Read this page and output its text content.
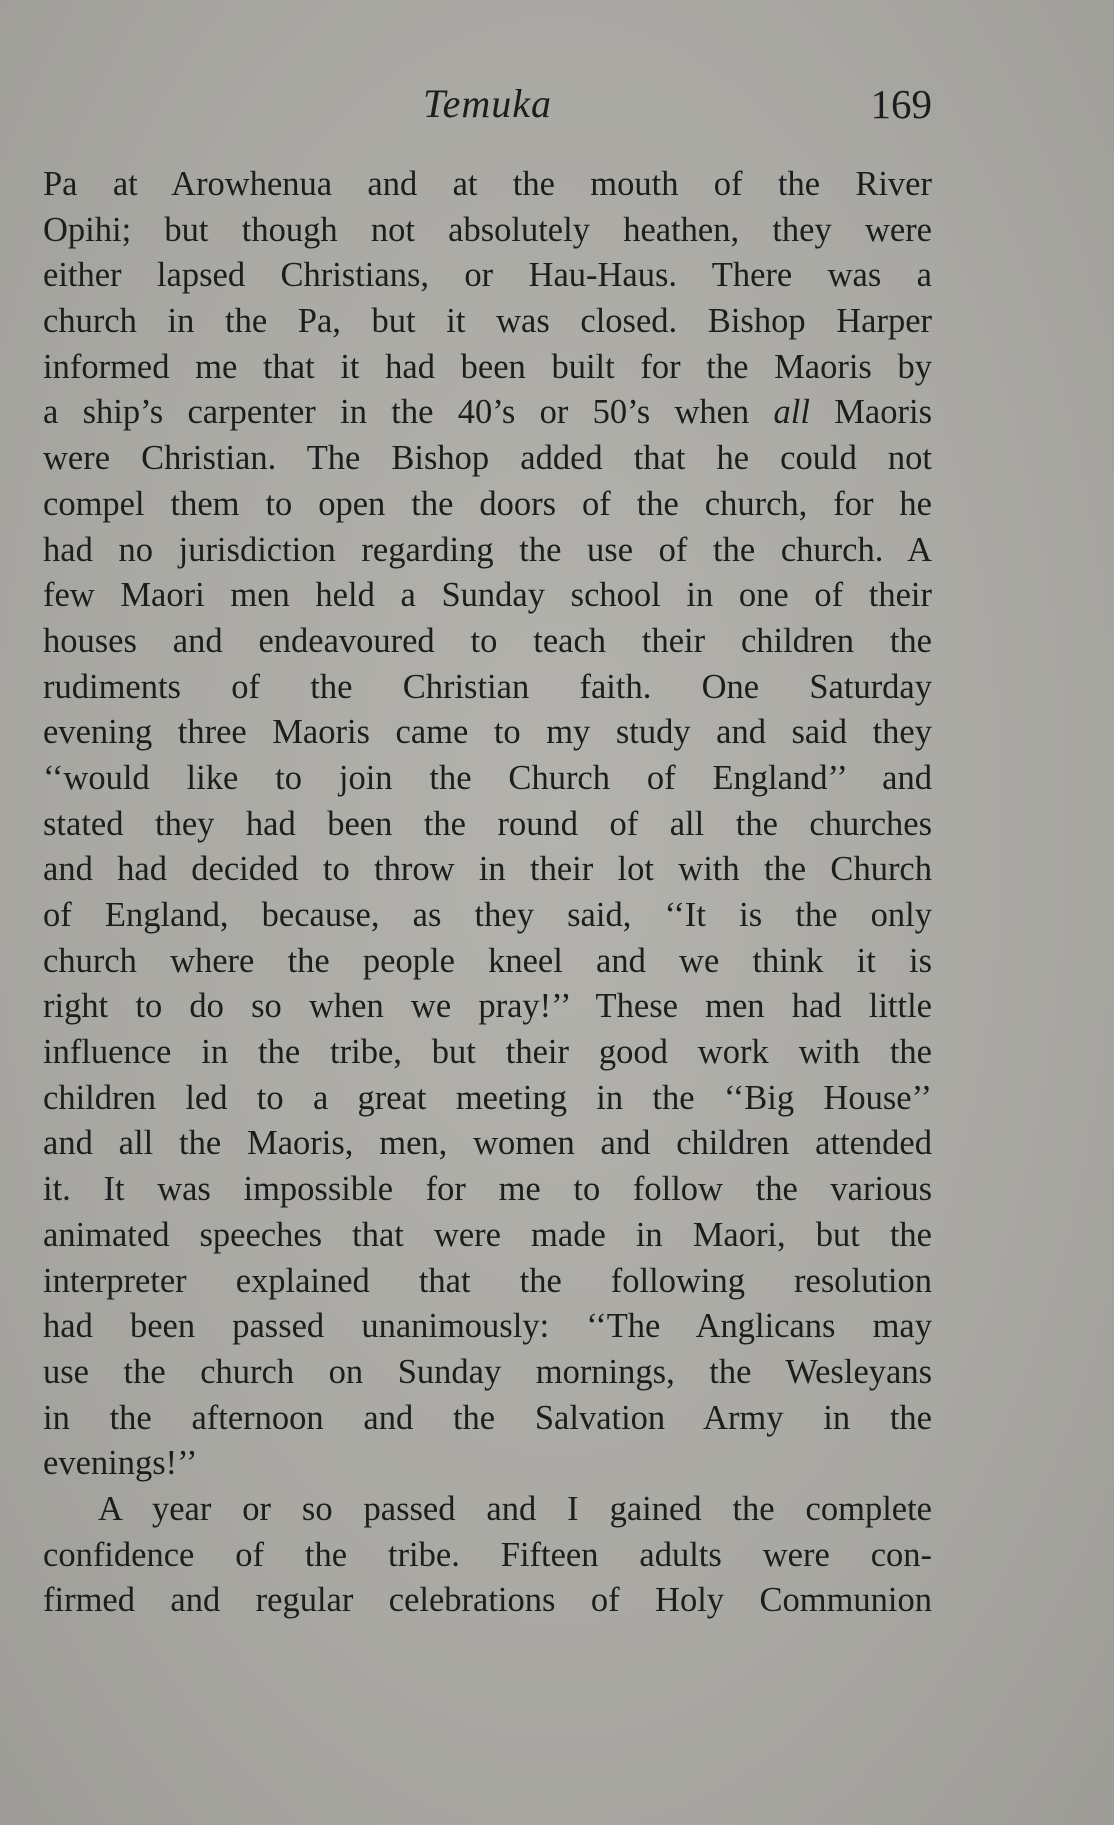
Temuka	169
Pa at Arowhenua and at the mouth of the River
Opihi; but though not absolutely heathen, they were
either lapsed Christians, or Hau-Haus. There was a
church in the Pa, but it was closed. Bishop Harper
informed me that it had been built for the Maoris by
a ship’s carpenter in the 40’s or 50’s when all Maoris
were Christian. The Bishop added that he could not
compel them to open the doors of the church, for he
had no jurisdiction regarding the use of the church. A
few Maori men held a Sunday school in one of their
houses and endeavoured to teach their children the
rudiments of the Christian faith. One Saturday
evening three Maoris came to my study and said they
‘‘would like to join the Church of England’’ and
stated they had been the round of all the churches
and had decided to throw in their lot with the Church
of England, because, as they said, ‘‘It is the only
church where the people kneel and we think it is
right to do so when we pray!’’ These men had little
influence in the tribe, but their good work with the
children led to a great meeting in the ‘‘Big House’’
and all the Maoris, men, women and children attended
it. It was impossible for me to follow the various
animated speeches that were made in Maori, but the
interpreter explained that the following resolution
had been passed unanimously: ‘‘The Anglicans may
use the church on Sunday mornings, the Wesleyans
in the afternoon and the Salvation Army in the
evenings!’’
A year or so passed and I gained the complete
confidence of the tribe. Fifteen adults were con-
firmed and regular celebrations of Holy Communion
